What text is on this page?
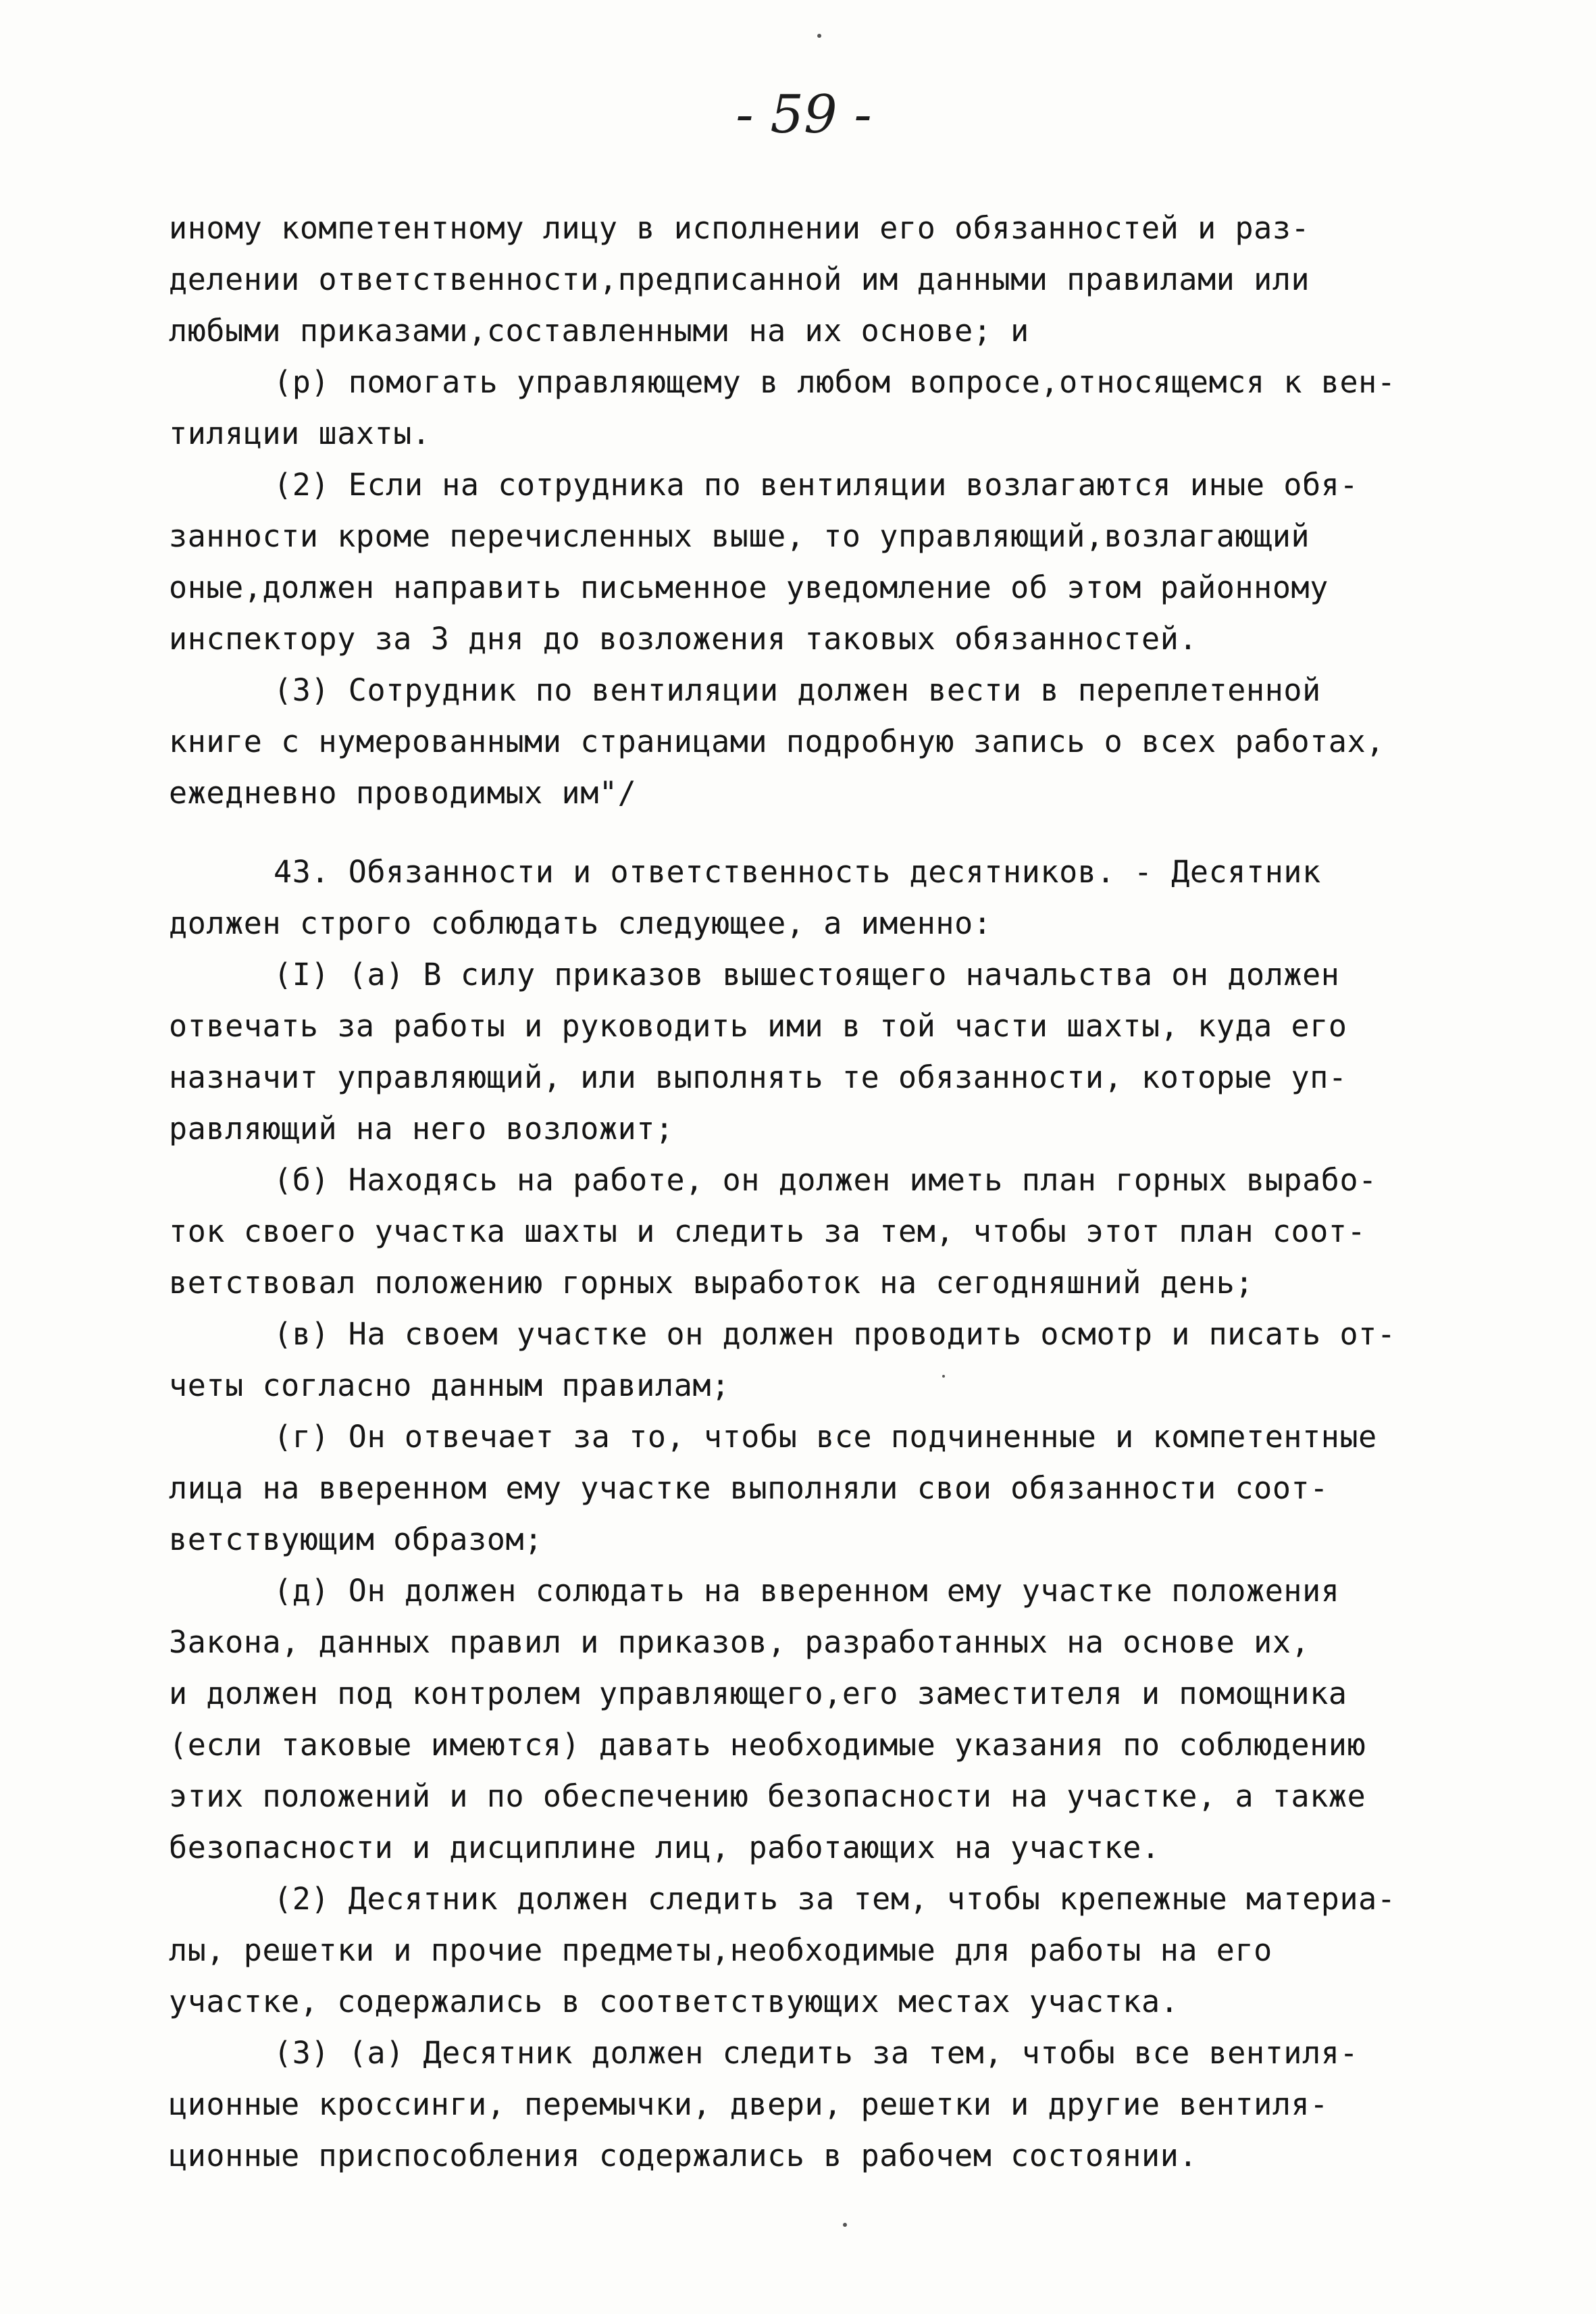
- 59 -
иному компетентному лицу в исполнении его обязанностей и раз-
делении ответственности,предписанной им данными правилами или
любыми приказами,составленными на их основе; и
(р) помогать управляющему в любом вопросе,относящемся к вен-
тиляции шахты.
(2) Если на сотрудника по вентиляции возлагаются иные обя-
занности кроме перечисленных выше, то управляющий,возлагающий
оные,должен направить письменное уведомление об этом районному
инспектору за 3 дня до возложения таковых обязанностей.
(3) Сотрудник по вентиляции должен вести в переплетенной
книге с нумерованными страницами подробную запись о всех работах,
ежедневно проводимых им"/
43. Обязанности и ответственность десятников. - Десятник
должен строго соблюдать следующее, а именно:
(I) (а) В силу приказов вышестоящего начальства он должен
отвечать за работы и руководить ими в той части шахты, куда его
назначит управляющий, или выполнять те обязанности, которые уп-
равляющий на него возложит;
(б) Находясь на работе, он должен иметь план горных вырабо-
ток своего участка шахты и следить за тем, чтобы этот план соот-
ветствовал положению горных выработок на сегодняшний день;
(в) На своем участке он должен проводить осмотр и писать от-
четы согласно данным правилам;
(г) Он отвечает за то, чтобы все подчиненные и компетентные
лица на вверенном ему участке выполняли свои обязанности соот-
ветствующим образом;
(д) Он должен солюдать на вверенном ему участке положения
Закона, данных правил и приказов, разработанных на основе их,
и должен под контролем управляющего,его заместителя и помощника
(если таковые имеются) давать необходимые указания по соблюдению
этих положений и по обеспечению безопасности на участке, а также
безопасности и дисциплине лиц, работающих на участке.
(2) Десятник должен следить за тем, чтобы крепежные материа-
лы, решетки и прочие предметы,необходимые для работы на его
участке, содержались в соответствующих местах участка.
(3) (а) Десятник должен следить за тем, чтобы все вентиля-
ционные кроссинги, перемычки, двери, решетки и другие вентиля-
ционные приспособления содержались в рабочем состоянии.
